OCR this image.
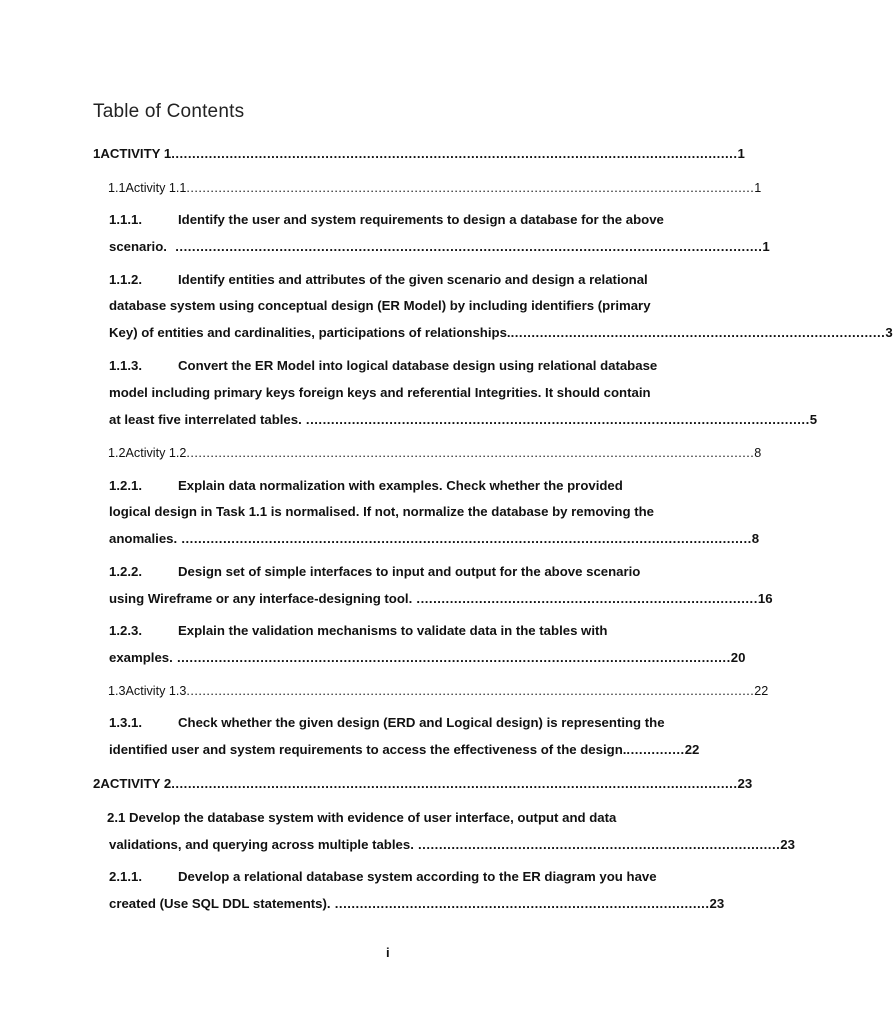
Table of Contents
1 ACTIVITY 1 ........................................................................................................................................ 1
1.1 Activity 1.1 .............................................................................................................................................. 1
1.1.1.	Identify the user and system requirements to design a database for the above
scenario. ............................................................................................................................................. 1
1.1.2.	Identify entities and attributes of the given scenario and design a relational
database system using conceptual design (ER Model) by including identifiers (primary
Key) of entities and cardinalities, participations of relationships. .......................................................................................... 3
1.1.3.	Convert the ER Model into logical database design using relational database
model including primary keys foreign keys and referential Integrities. It should contain
at least five interrelated tables. ......................................................................................................................... 5
1.2 Activity 1.2 .............................................................................................................................................. 8
1.2.1.	Explain data normalization with examples. Check whether the provided
logical design in Task 1.1 is normalised. If not, normalize the database by removing the
anomalies. ......................................................................................................................................... 8
1.2.2.	Design set of simple interfaces to input and output for the above scenario
using Wireframe or any interface-designing tool. .................................................................................. 16
1.2.3.	Explain the validation mechanisms to validate data in the tables with
examples. ..................................................................................................................................... 20
1.3 Activity 1.3 .............................................................................................................................................. 22
1.3.1.	Check whether the given design (ERD and Logical design) is representing the
identified user and system requirements to access the effectiveness of the design. .............. 22
2 ACTIVITY 2 ........................................................................................................................................ 23
2.1 Develop the database system with evidence of user interface, output and data
validations, and querying across multiple tables. ....................................................................................... 23
2.1.1.	Develop a relational database system according to the ER diagram you have
created (Use SQL DDL statements). .......................................................................................... 23
i
